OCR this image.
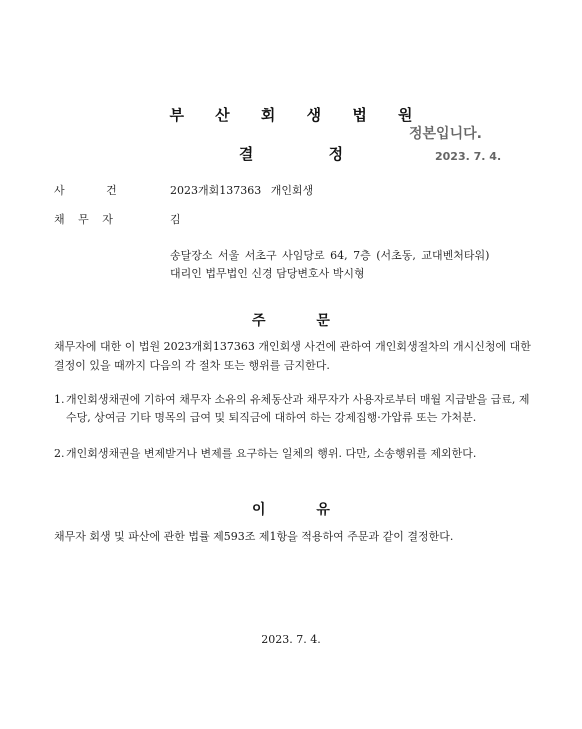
부 산 회 생 법 원
결 정
정본입니다.
2023. 7. 4.
사 건	2023개회137363 개인회생
채 무 자	김
송달장소 서울 서초구 사임당로 64, 7층 (서초동, 교대벤처타워)
대리인 법무법인 신경 담당변호사 박시형
주 문
채무자에 대한 이 법원 2023개회137363 개인회생 사건에 관하여 개인회생절차의 개시신청에 대한 결정이 있을 때까지 다음의 각 절차 또는 행위를 금지한다.
1. 개인회생채권에 기하여 채무자 소유의 유체동산과 채무자가 사용자로부터 매월 지급받을 급료, 제수당, 상여금 기타 명목의 급여 및 퇴직금에 대하여 하는 강제집행·가압류 또는 가처분.
2. 개인회생채권을 변제받거나 변제를 요구하는 일체의 행위. 다만, 소송행위를 제외한다.
이 유
채무자 회생 및 파산에 관한 법률 제593조 제1항을 적용하여 주문과 같이 결정한다.
2023. 7. 4.
